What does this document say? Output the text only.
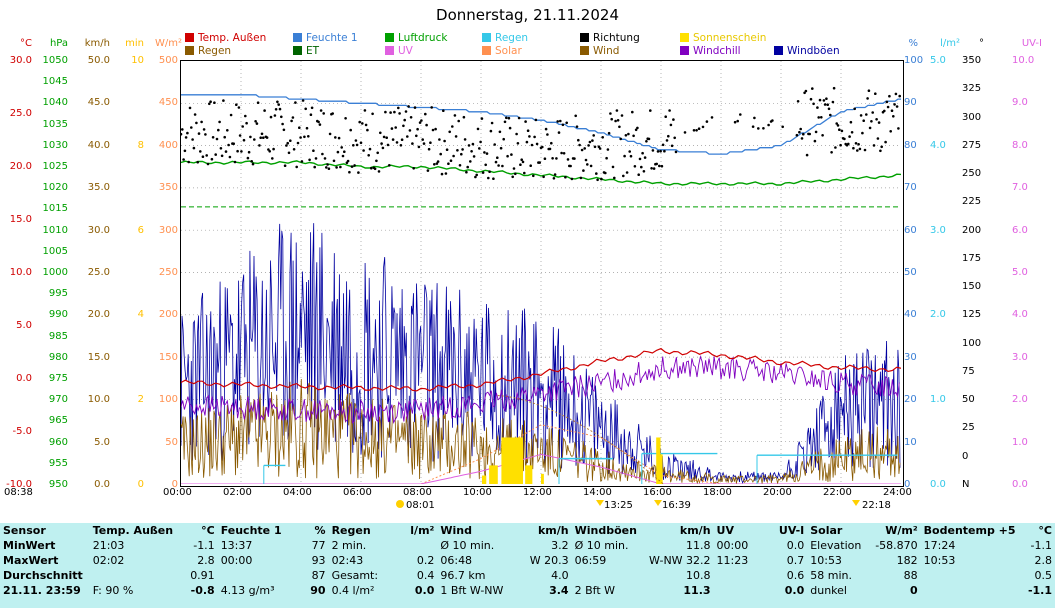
Donnerstag, 21.11.2024
Temp. Außen	Feuchte 1	Luftdruck	Regen	Richtung	Sonnenschein
Regen	ET	UV	Solar	Wind	Windchill	Windböen
°C	hPa	km/h	min	W/m²	%	l/m²	°	UV-I
30.0
25.0
20.0
15.0
10.0
5.0
0.0
-5.0
-10.0
1050
1045
1040
1035
1030
1025
1020
1015
1010
1005
1000
995
990
985
980
975
970
965
960
955
950
50.0
45.0
40.0
35.0
30.0
25.0
20.0
15.0
10.0
5.0
0.0
10
8
6
4
2
0
500
450
400
350
300
250
200
150
100
50
0
100
90
80
70
60
50
40
30
20
10
0
5.0
4.0
3.0
2.0
1.0
0.0
350
325
300
275
250
225
200
175
150
125
100
75
50
25
0
N
10.0
9.0
8.0
7.0
6.0
5.0
4.0
3.0
2.0
1.0
0.0
00:00	02:00	04:00	06:00	08:00	10:00	12:00	14:00	16:00	18:00	20:00	22:00	24:00
08:38
08:01	13:25	16:39	22:18
Sensor	Temp. Außen	°C	Feuchte 1	%	Regen	l/m²	Wind	km/h	Windböen	km/h	UV	UV-I	Solar	W/m²	Bodentemp +5	°C
MinWert	21:03	-1.1	13:37	77	2 min.		Ø 10 min.	3.2	Ø 10 min.	11.8	00:00	0.0	Elevation	-58.870	17:24	-1.1
MaxWert	02:02	2.8	00:00	93	02:43	0.2	06:48	W 20.3	06:59	W-NW 32.2	11:23	0.7	10:53	182	10:53	2.8
Durchschnitt		0.91		87	Gesamt:	0.4	96.7 km	4.0		10.8		0.6	58 min.	88		0.5
21.11. 23:59	F: 90 %	-0.8	4.13 g/m³	90	0.4 l/m²	0.0	1 Bft W-NW	3.4	2 Bft W	11.3		0.0	dunkel	0		-1.1
